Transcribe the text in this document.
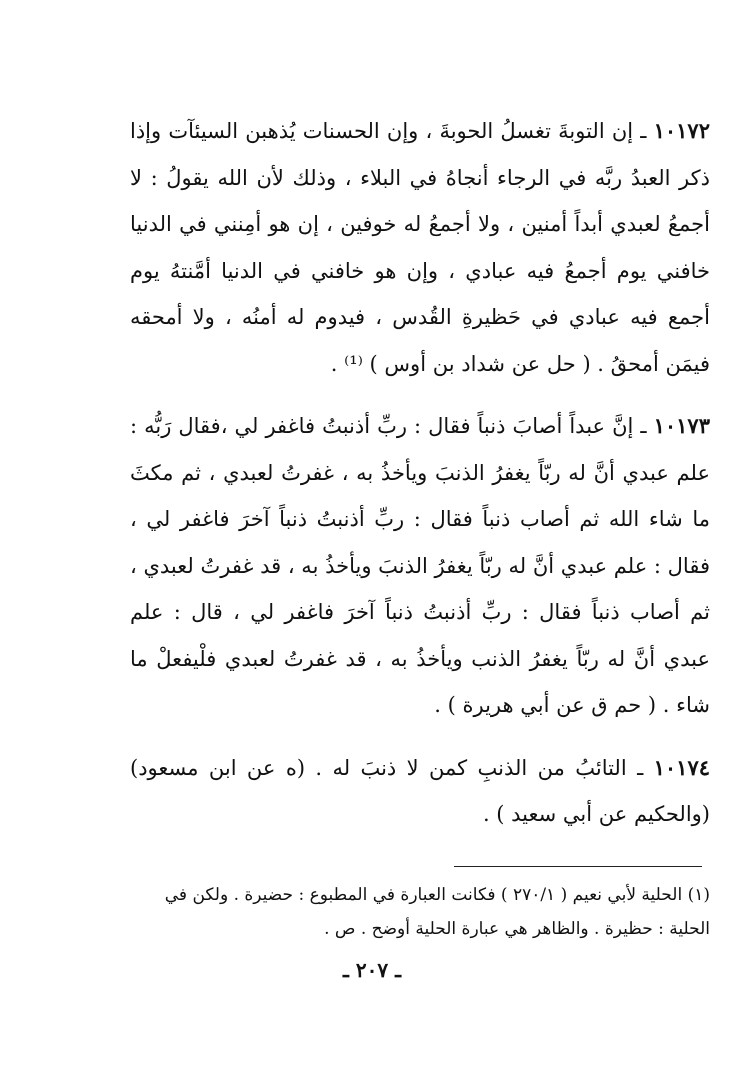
١٠١٧٢ ـ إن التوبةَ تغسلُ الحوبةَ ، وإن الحسنات يُذهبن السيئآت وإذا ذكر العبدُ ربَّه في الرجاء أنجاهُ في البلاء ، وذلك لأن الله يقولُ : لا أجمعُ لعبدي أبداً أمنين ، ولا أجمعُ له خوفين ، إن هو أمِنني في الدنيا خافني يوم أجمعُ فيه عبادي ، وإن هو خافني في الدنيا أمَّنتهُ يوم أجمع فيه عبادي في حَظيرةِ القُدس ، فيدوم له أمنُه ، ولا أمحقه فيمَن أمحقُ . ( حل عن شداد بن أوس ) ⁽¹⁾ .

١٠١٧٣ ـ إنَّ عبداً أصابَ ذنباً فقال : ربِّ أذنبتُ فاغفر لي ،فقال رَبُّه : علم عبدي أنَّ له ربّاً يغفرُ الذنبَ ويأخذُ به ، غفرتُ لعبدي ، ثم مكثَ ما شاء الله ثم أصاب ذنباً فقال : ربِّ أذنبتُ ذنباً آخرَ فاغفر لي ، فقال : علم عبدي أنَّ له ربّاً يغفرُ الذنبَ ويأخذُ به ، قد غفرتُ لعبدي ، ثم أصاب ذنباً فقال : ربِّ أذنبتُ ذنباً آخرَ فاغفر لي ، قال : علم عبدي أنَّ له ربّاً يغفرُ الذنب ويأخذُ به ، قد غفرتُ لعبدي فلْيفعلْ ما شاء . ( حم ق عن أبي هريرة ) .

١٠١٧٤ ـ التائبُ من الذنبِ كمن لا ذنبَ له . (ه عن ابن مسعود) (والحكيم عن أبي سعيد ) .

(١) الحلية لأبي نعيم ( ٢٧٠/١ ) فكانت العبارة في المطبوع : حضيرة . ولكن في الحلية : حظيرة . والظاهر هي عبارة الحلية أوضح . ص .
ـ ٢٠٧ ـ
